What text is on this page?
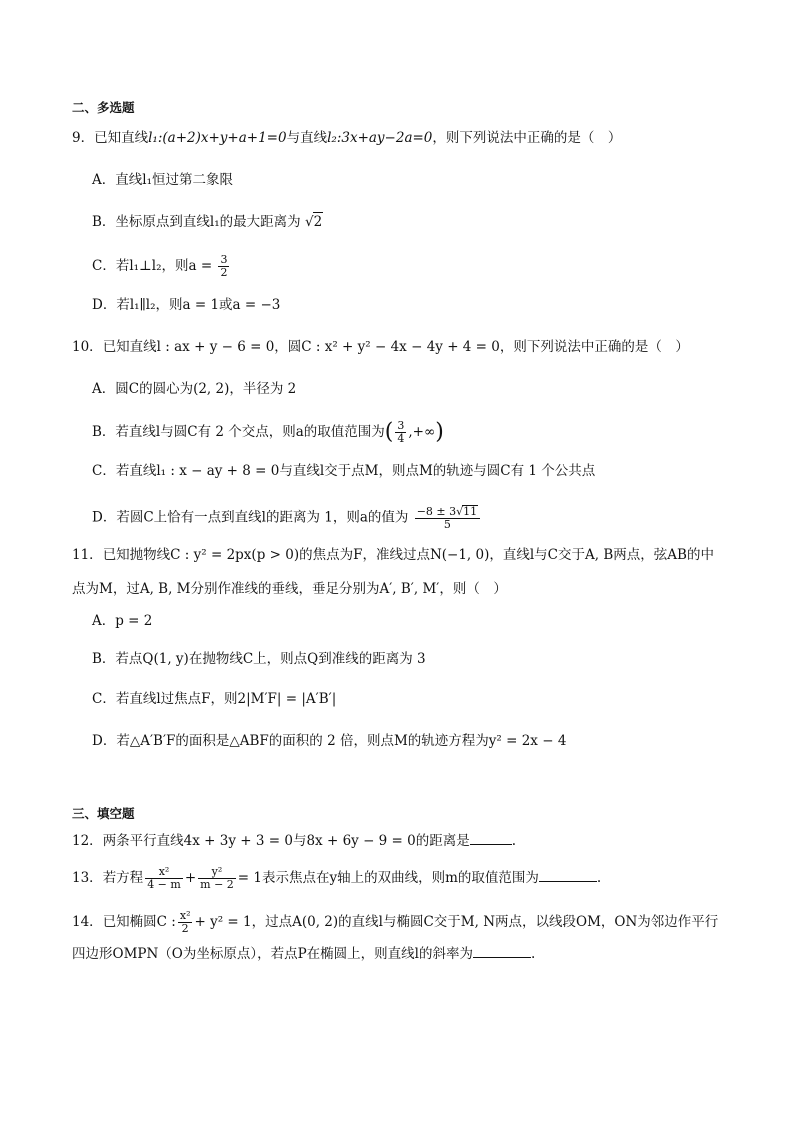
二、多选题
9．已知直线l₁:(a+2)x+y+a+1=0与直线l₂:3x+ay−2a=0，则下列说法中正确的是（　）
A．直线l₁恒过第二象限
B．坐标原点到直线l₁的最大距离为 √2
C．若l₁⊥l₂，则$a = \frac{3}{2}$
D．若l₁∥l₂，则a = 1或a = −3
10．已知直线l : ax + y − 6 = 0，圆C : x² + y² − 4x − 4y + 4 = 0，则下列说法中正确的是（　）
A．圆C的圆心为(2, 2)，半径为 2
B．若直线l与圆C有 2 个交点，则a的取值范围为( $\frac{3}{4}$ ,+∞)
C．若直线l₁ : x − ay + 8 = 0与直线l交于点M，则点M的轨迹与圆C有 1 个公共点
D．若圆C上恰有一点到直线l的距离为 1，则a的值为 $\frac{-8 \pm 3√11}{5}$
11．已知抛物线C : y² = 2px(p > 0)的焦点为F，准线过点N(−1, 0)，直线l与C交于A, B两点，弦AB的中
点为M，过A, B, M分别作准线的垂线，垂足分别为A′, B′, M′，则（　）
A．p = 2
B．若点Q(1, y)在抛物线C上，则点Q到准线的距离为 3
C．若直线l过焦点F，则2|M′F| = |A′B′|
D．若△A′B′F的面积是△ABF的面积的 2 倍，则点M的轨迹方程为y² = 2x − 4
三、填空题
12．两条平行直线4x + 3y + 3 = 0与8x + 6y − 9 = 0的距离是	.
13．若方程 $\frac{\text{x²}}{4 - m} + \frac{\text{y²}}{m - 2} = 1$表示焦点在y轴上的双曲线，则m的取值范围为	.
14．已知椭圆C : $\frac{\text{x²}}{2} + y^2 = 1$，过点A(0, 2)的直线l与椭圆C交于M, N两点，以线段OM，ON为邻边作平行
四边形OMPN（O为坐标原点），若点P在椭圆上，则直线l的斜率为	.
